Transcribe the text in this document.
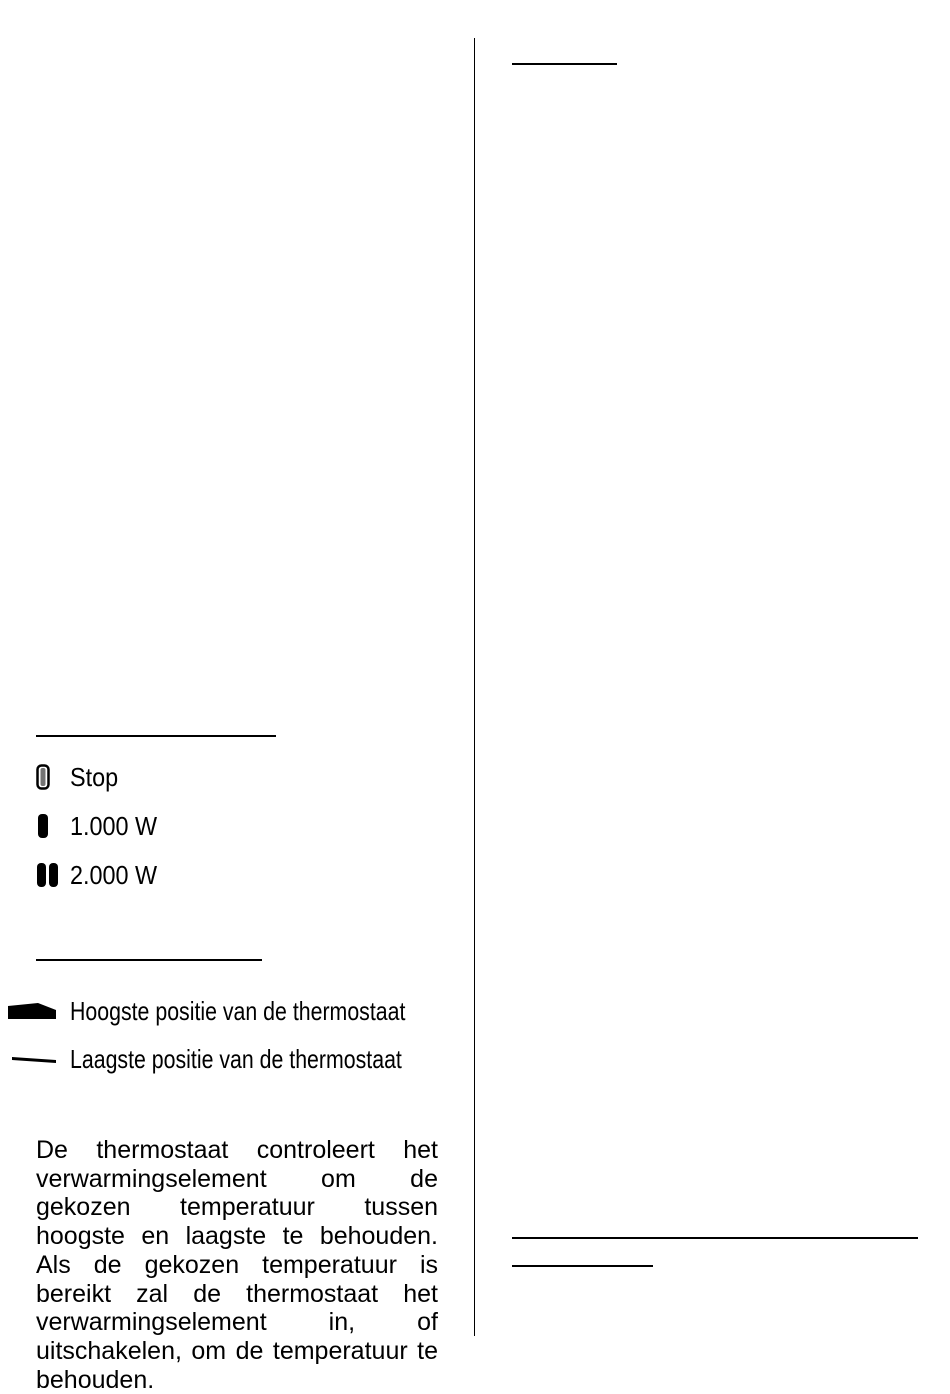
Stop
1.000 W
2.000 W
Hoogste positie van de thermostaat
Laagste positie van de thermostaat

De thermostaat controleert het verwarmingselement om de gekozen temperatuur tussen hoogste en laagste te behouden. Als de gekozen temperatuur is bereikt zal de thermostaat het verwarmingselement in, of uitschakelen, om de temperatuur te behouden.
